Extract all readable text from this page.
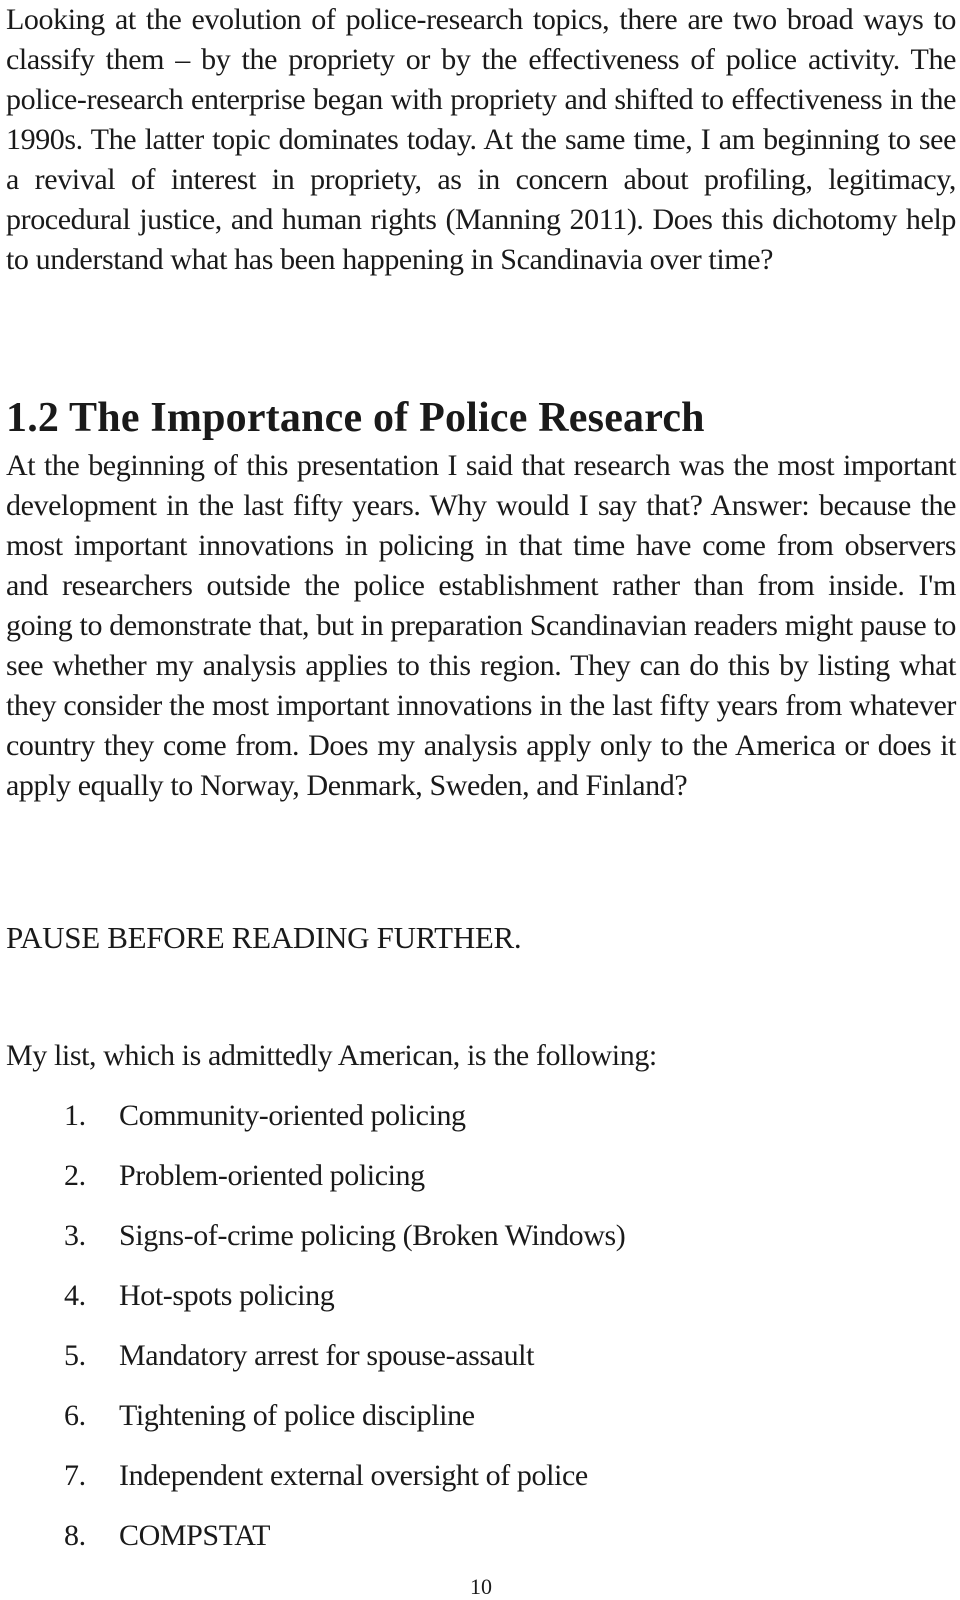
Looking at the evolution of police-research topics, there are two broad ways to classify them – by the propriety or by the effectiveness of police activity. The police-research enterprise began with propriety and shifted to effectiveness in the 1990s. The latter topic dominates today. At the same time, I am beginning to see a revival of interest in propriety, as in concern about profiling, legitimacy, procedural justice, and human rights (Manning 2011). Does this dichotomy help to understand what has been happening in Scandinavia over time?

1.2 The Importance of Police Research

At the beginning of this presentation I said that research was the most important development in the last fifty years. Why would I say that? Answer: because the most important innovations in policing in that time have come from observers and researchers outside the police establishment rather than from inside. I'm going to demonstrate that, but in preparation Scandinavian readers might pause to see whether my analysis applies to this region. They can do this by listing what they consider the most important innovations in the last fifty years from whatever country they come from. Does my analysis apply only to the America or does it apply equally to Norway, Denmark, Sweden, and Finland?

PAUSE BEFORE READING FURTHER.

My list, which is admittedly American, is the following:

1. Community-oriented policing
2. Problem-oriented policing
3. Signs-of-crime policing (Broken Windows)
4. Hot-spots policing
5. Mandatory arrest for spouse-assault
6. Tightening of police discipline
7. Independent external oversight of police
8. COMPSTAT
10
